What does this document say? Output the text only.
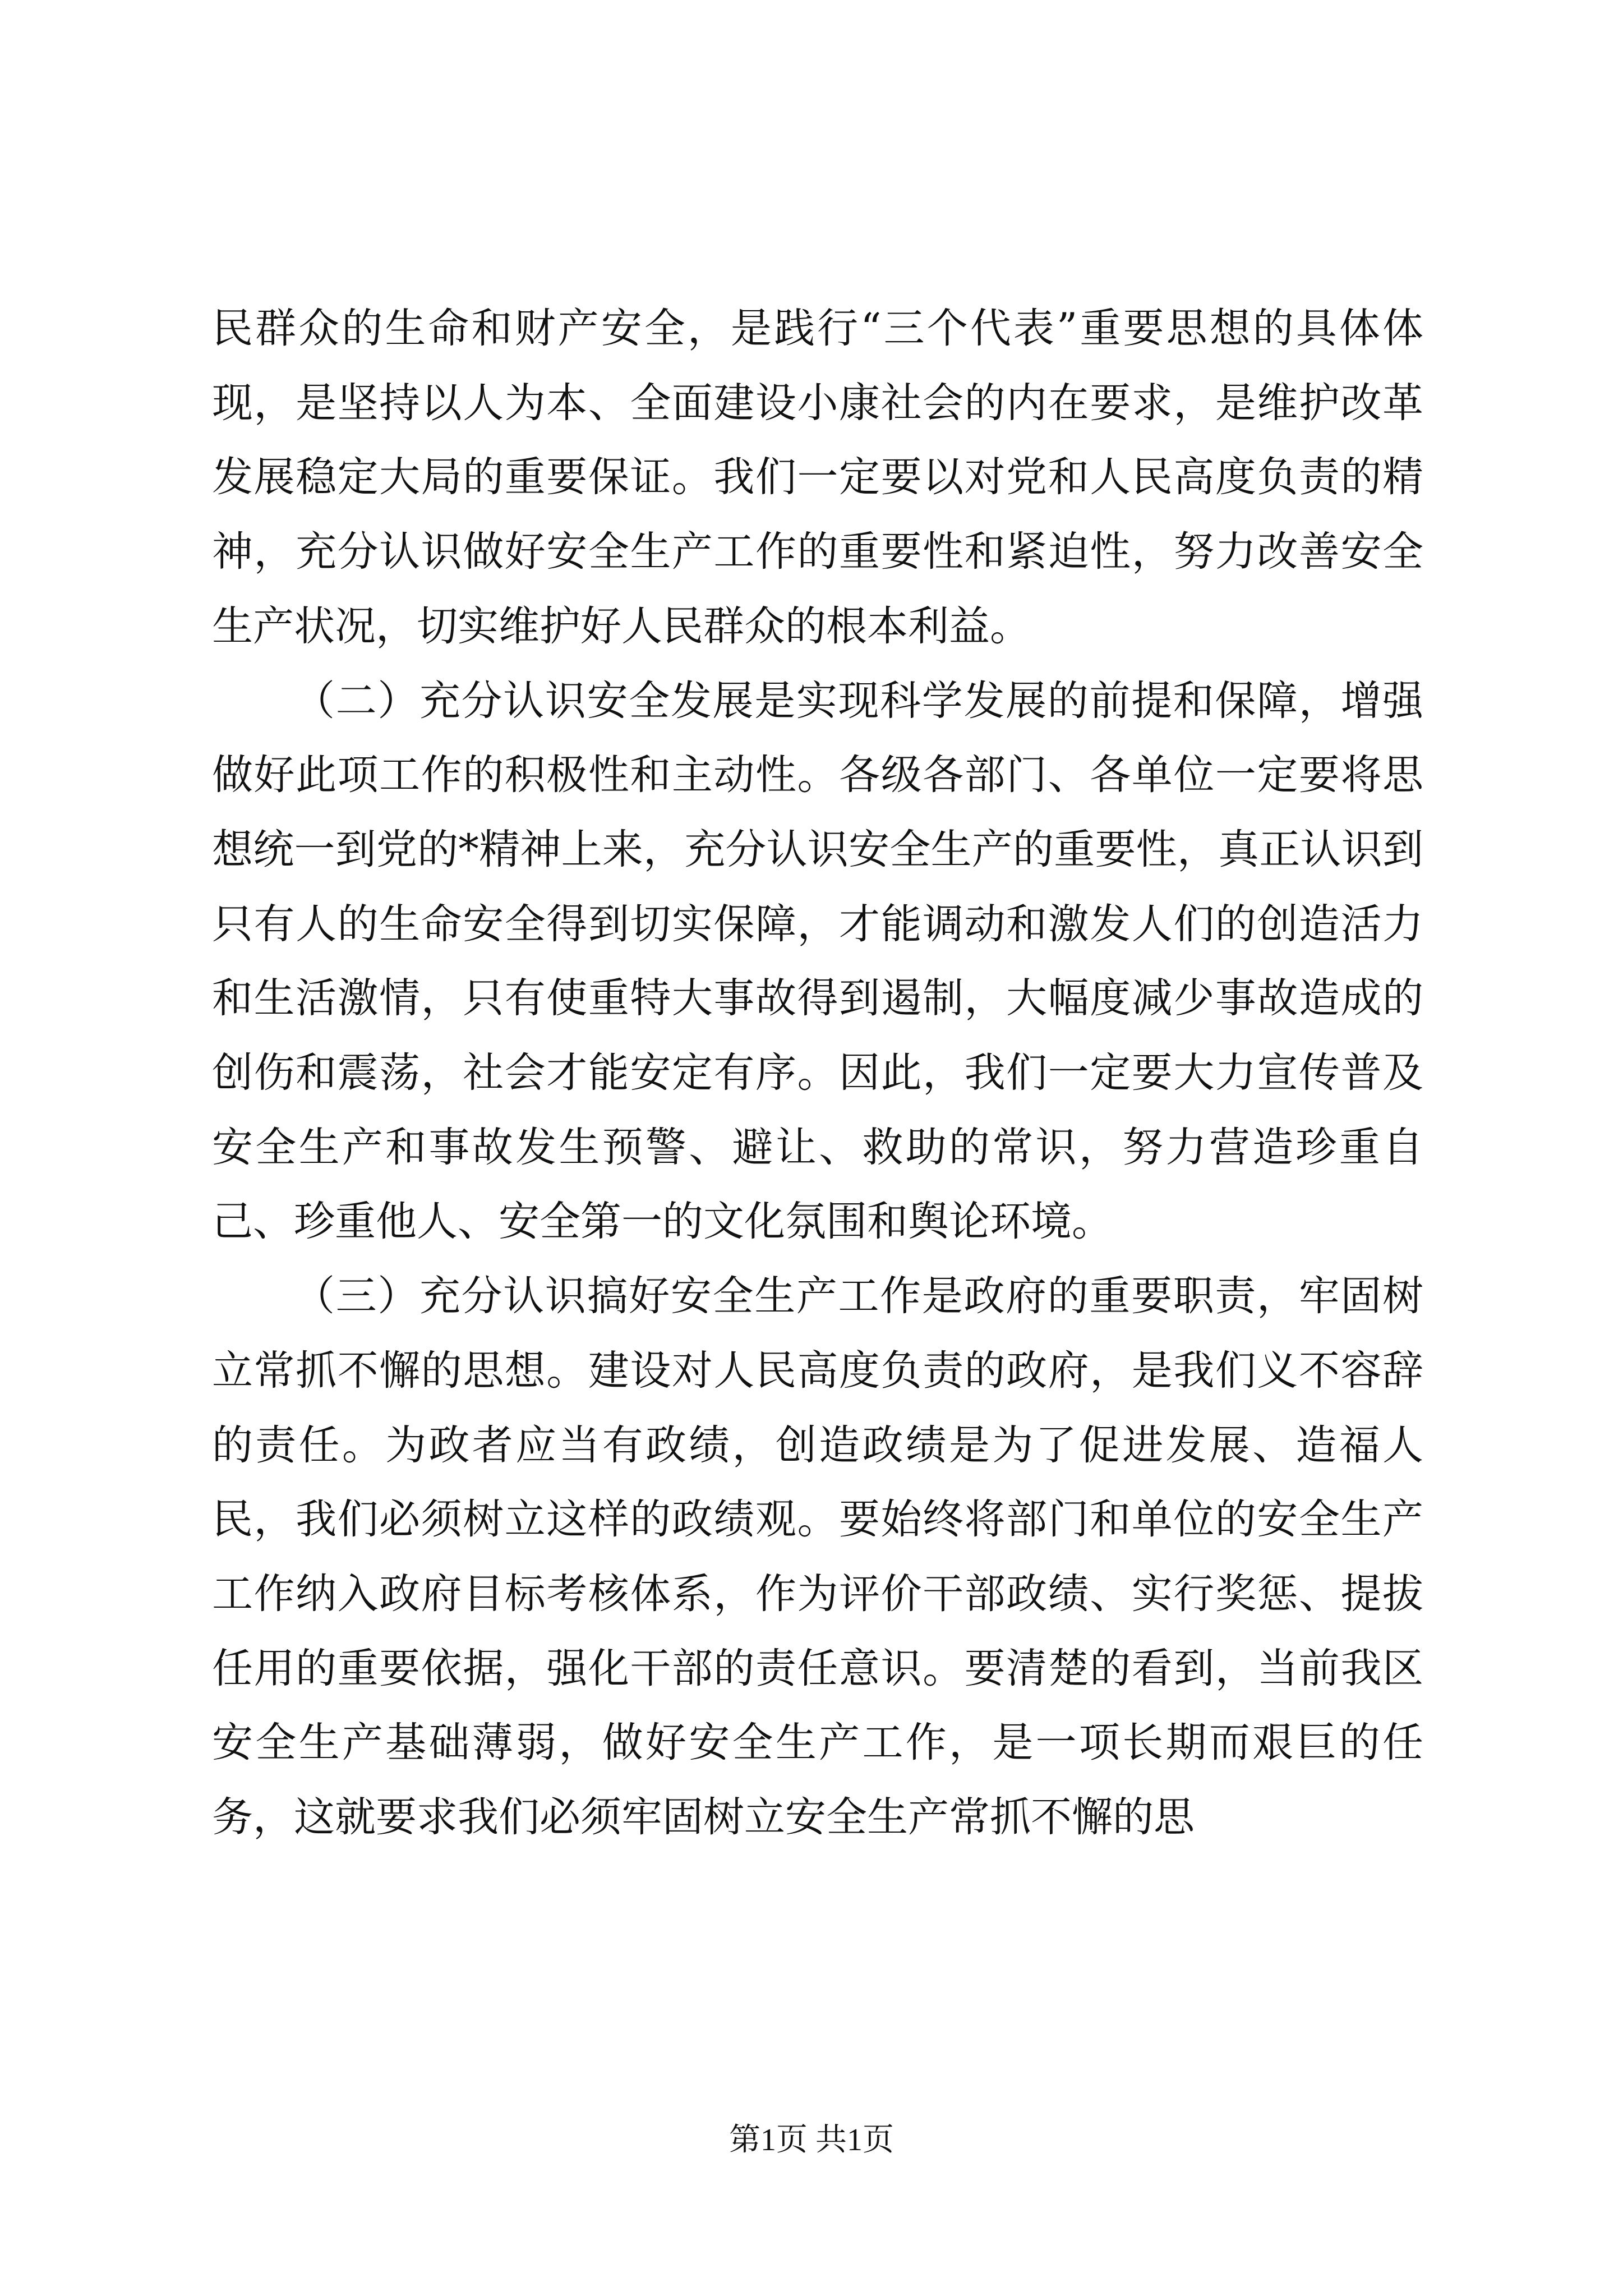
民群众的生命和财产安全，是践行“三个代表”重要思想的具体体现，是坚持以人为本、全面建设小康社会的内在要求，是维护改革发展稳定大局的重要保证。我们一定要以对党和人民高度负责的精神，充分认识做好安全生产工作的重要性和紧迫性，努力改善安全生产状况，切实维护好人民群众的根本利益。

（二）充分认识安全发展是实现科学发展的前提和保障，增强做好此项工作的积极性和主动性。各级各部门、各单位一定要将思想统一到党的*精神上来，充分认识安全生产的重要性，真正认识到只有人的生命安全得到切实保障，才能调动和激发人们的创造活力和生活激情，只有使重特大事故得到遏制，大幅度减少事故造成的创伤和震荡，社会才能安定有序。因此，我们一定要大力宣传普及安全生产和事故发生预警、避让、救助的常识，努力营造珍重自己、珍重他人、安全第一的文化氛围和舆论环境。

（三）充分认识搞好安全生产工作是政府的重要职责，牢固树立常抓不懈的思想。建设对人民高度负责的政府，是我们义不容辞的责任。为政者应当有政绩，创造政绩是为了促进发展、造福人民，我们必须树立这样的政绩观。要始终将部门和单位的安全生产工作纳入政府目标考核体系，作为评价干部政绩、实行奖惩、提拔任用的重要依据，强化干部的责任意识。要清楚的看到，当前我区安全生产基础薄弱，做好安全生产工作，是一项长期而艰巨的任务，这就要求我们必须牢固树立安全生产常抓不懈的思

第1页 共1页
